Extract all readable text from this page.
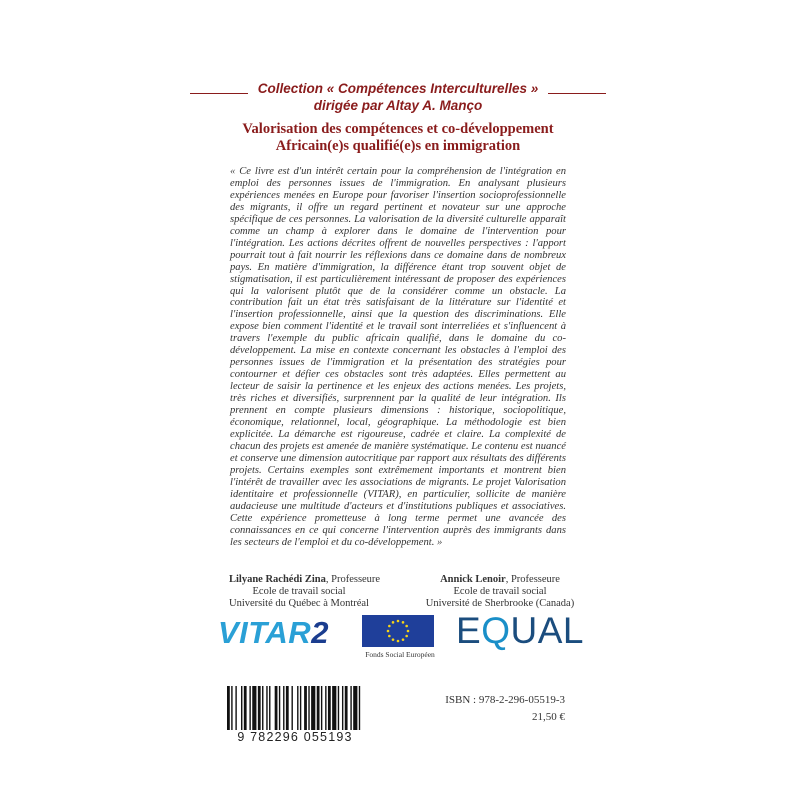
Collection « Compétences Interculturelles »
dirigée par Altay A. Manço
Valorisation des compétences et co-développement
Africain(e)s qualifié(e)s en immigration
« Ce livre est d'un intérêt certain pour la compréhension de l'intégration en emploi des personnes issues de l'immigration. En analysant plusieurs expériences menées en Europe pour favoriser l'insertion socioprofessionnelle des migrants, il offre un regard pertinent et novateur sur une approche spécifique de ces personnes. La valorisation de la diversité culturelle apparaît comme un champ à explorer dans le domaine de l'intervention pour l'intégration. Les actions décrites offrent de nouvelles perspectives : l'apport pourrait tout à fait nourrir les réflexions dans ce domaine dans de nombreux pays. En matière d'immigration, la différence étant trop souvent objet de stigmatisation, il est particulièrement intéressant de proposer des expériences qui la valorisent plutôt que de la considérer comme un obstacle. La contribution fait un état très satisfaisant de la littérature sur l'identité et l'insertion professionnelle, ainsi que la question des discriminations. Elle expose bien comment l'identité et le travail sont interreliées et s'influencent à travers l'exemple du public africain qualifié, dans le domaine du co-développement. La mise en contexte concernant les obstacles à l'emploi des personnes issues de l'immigration et la présentation des stratégies pour contourner et défier ces obstacles sont très adaptées. Elles permettent au lecteur de saisir la pertinence et les enjeux des actions menées. Les projets, très riches et diversifiés, surprennent par la qualité de leur intégration. Ils prennent en compte plusieurs dimensions : historique, sociopolitique, économique, relationnel, local, géographique. La méthodologie est bien explicitée. La démarche est rigoureuse, cadrée et claire. La complexité de chacun des projets est amenée de manière systématique. Le contenu est nuancé et conserve une dimension autocritique par rapport aux résultats des différents projets. Certains exemples sont extrêmement importants et montrent bien l'intérêt de travailler avec les associations de migrants. Le projet Valorisation identitaire et professionnelle (VITAR), en particulier, sollicite de manière audacieuse une multitude d'acteurs et d'institutions publiques et associatives. Cette expérience prometteuse à long terme permet une avancée des connaissances en ce qui concerne l'intervention auprès des immigrants dans les secteurs de l'emploi et du co-développement. »
Lilyane Rachédi Zina, Professeure
Ecole de travail social
Université du Québec à Montréal
Annick Lenoir, Professeure
Ecole de travail social
Université de Sherbrooke (Canada)
VITAR2
Fonds Social Européen
EQUAL
9 782296 055193
ISBN : 978-2-296-05519-3
21,50 €
